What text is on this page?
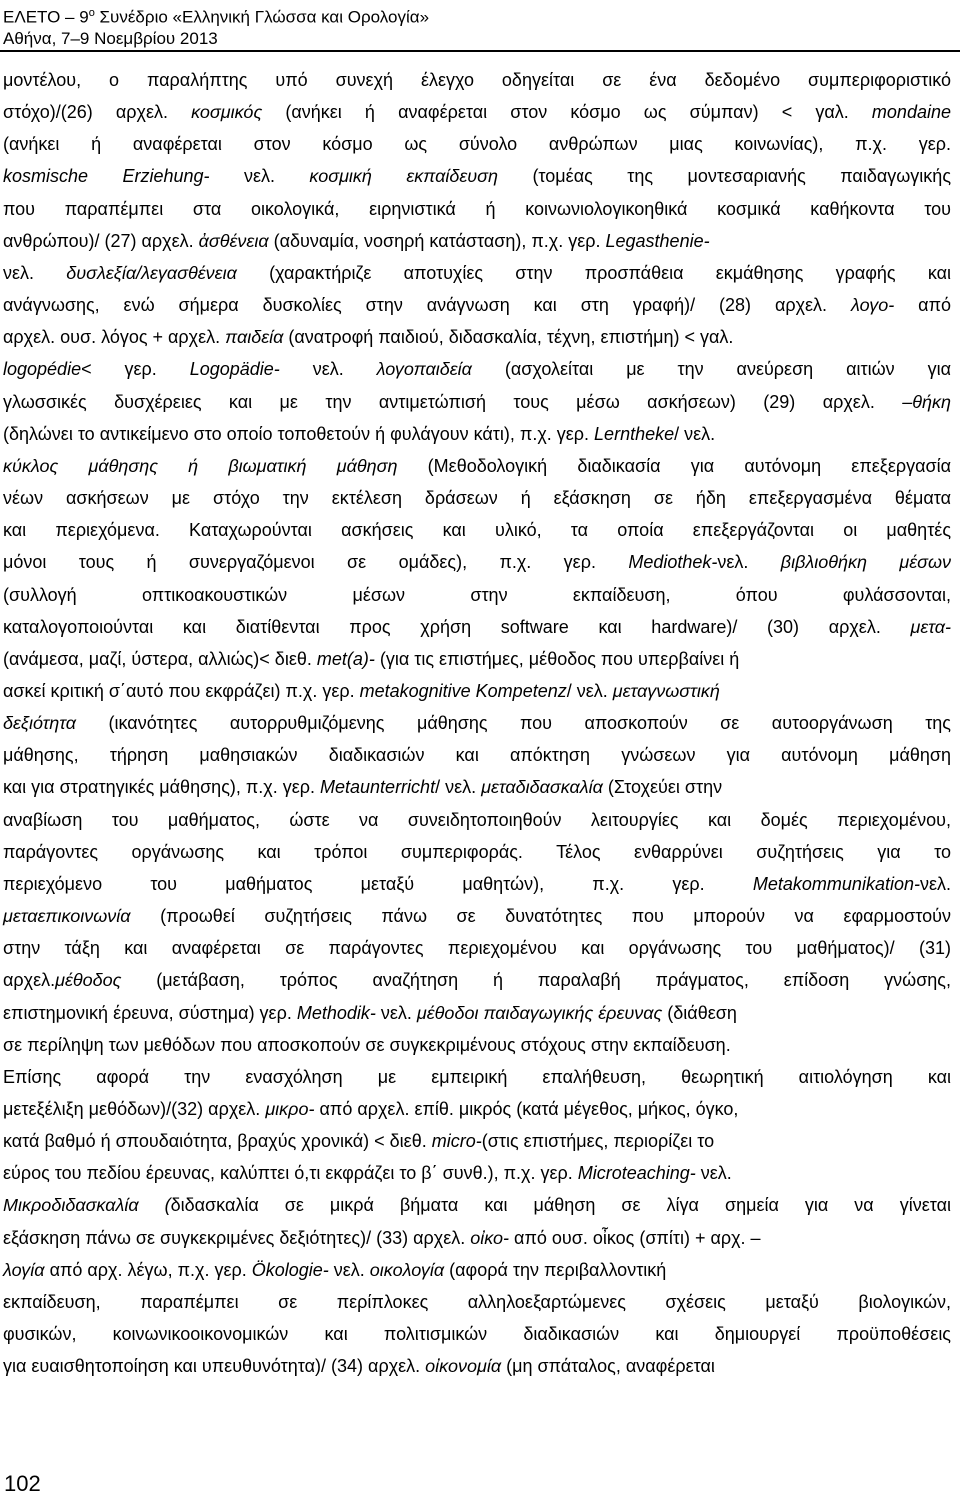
ΕΛΕΤΟ – $9^o$ Συνέδριο «Ελληνική Γλώσσα και Ορολογία»
Αθήνα, 7–9 Νοεμβρίου 2013
μοντέλου, ο παραλήπτης υπό συνεχή έλεγχο οδηγείται σε ένα δεδομένο συμπεριφοριστικό
στόχο)/(26) αρχελ. κοσμικός (ανήκει ή αναφέρεται στον κόσμο ως σύμπαν) < γαλ. mondaine
(ανήκει ή αναφέρεται στον κόσμο ως σύνολο ανθρώπων μιας κοινωνίας), π.χ. γερ.
kosmische Erziehung- νελ. κοσμική εκπαίδευση (τομέας της μοντεσαριανής παιδαγωγικής
που παραπέμπει στα οικολογικά, ειρηνιστικά ή κοινωνιολογικοηθικά κοσμικά καθήκοντα του
ανθρώπου)/ (27) αρχελ. ἀσθένεια (αδυναμία, νοσηρή κατάσταση), π.χ. γερ. Legasthenie-
νελ. δυσλεξία/λεγασθένεια (χαρακτήριζε αποτυχίες στην προσπάθεια εκμάθησης γραφής και
ανάγνωσης, ενώ σήμερα δυσκολίες στην ανάγνωση και στη γραφή)/ (28) αρχελ. λογο- από
αρχελ. ουσ. λόγος + αρχελ. παιδεία (ανατροφή παιδιού, διδασκαλία, τέχνη, επιστήμη) < γαλ.
logopédie< γερ. Logopädie- νελ. λογοπαιδεία (ασχολείται με την ανεύρεση αιτιών για
γλωσσικές δυσχέρειες και με την αντιμετώπισή τους μέσω ασκήσεων) (29) αρχελ. –θήκη
(δηλώνει το αντικείμενο στο οποίο τοποθετούν ή φυλάγουν κάτι), π.χ. γερ. Lerntheke/ νελ.
κύκλος μάθησης ή βιωματική μάθηση (Μεθοδολογική διαδικασία για αυτόνομη επεξεργασία
νέων ασκήσεων με στόχο την εκτέλεση δράσεων ή εξάσκηση σε ήδη επεξεργασμένα θέματα
και περιεχόμενα. Καταχωρούνται ασκήσεις και υλικό, τα οποία επεξεργάζονται οι μαθητές
μόνοι τους ή συνεργαζόμενοι σε ομάδες), π.χ. γερ. Mediothek-νελ. βιβλιοθήκη μέσων
(συλλογή οπτικοακουστικών μέσων στην εκπαίδευση, όπου φυλάσσονται,
καταλογοποιούνται και διατίθενται προς χρήση software και hardware)/ (30) αρχελ. μετα-
(ανάμεσα, μαζί, ύστερα, αλλιώς)< διεθ. met(a)- (για τις επιστήμες, μέθοδος που υπερβαίνει ή
ασκεί κριτική σ΄αυτό που εκφράζει) π.χ. γερ. metakognitive Kompetenz/ νελ. μεταγνωστική
δεξιότητα (ικανότητες αυτορρυθμιζόμενης μάθησης που αποσκοπούν σε αυτοοργάνωση της
μάθησης, τήρηση μαθησιακών διαδικασιών και απόκτηση γνώσεων για αυτόνομη μάθηση
και για στρατηγικές μάθησης), π.χ. γερ. Metaunterricht/ νελ. μεταδιδασκαλία (Στοχεύει στην
αναβίωση του μαθήματος, ώστε να συνειδητοποιηθούν λειτουργίες και δομές περιεχομένου,
παράγοντες οργάνωσης και τρόποι συμπεριφοράς. Τέλος ενθαρρύνει συζητήσεις για το
περιεχόμενο του μαθήματος μεταξύ μαθητών), π.χ. γερ. Metakommunikation-νελ.
μεταεπικοινωνία (προωθεί συζητήσεις πάνω σε δυνατότητες που μπορούν να εφαρμοστούν
στην τάξη και αναφέρεται σε παράγοντες περιεχομένου και οργάνωσης του μαθήματος)/ (31)
αρχελ.μέθοδος (μετάβαση, τρόπος αναζήτηση ή παραλαβή πράγματος, επίδοση γνώσης,
επιστημονική έρευνα, σύστημα) γερ. Methodik- νελ. μέθοδοι παιδαγωγικής έρευνας (διάθεση
σε περίληψη των μεθόδων που αποσκοπούν σε συγκεκριμένους στόχους στην εκπαίδευση.
Επίσης αφορά την ενασχόληση με εμπειρική επαλήθευση, θεωρητική αιτιολόγηση και
μετεξέλιξη μεθόδων)/(32) αρχελ. μικρο- από αρχελ. επίθ. μικρός (κατά μέγεθος, μήκος, όγκο,
κατά βαθμό ή σπουδαιότητα, βραχύς χρονικά) < διεθ. micro-(στις επιστήμες, περιορίζει το
εύρος του πεδίου έρευνας, καλύπτει ό,τι εκφράζει το β΄ συνθ.), π.χ. γερ. Microteaching- νελ.
Μικροδιδασκαλία (διδασκαλία σε μικρά βήματα και μάθηση σε λίγα σημεία για να γίνεται
εξάσκηση πάνω σε συγκεκριμένες δεξιότητες)/ (33) αρχελ. οἰκο- από ουσ. οἶκος (σπίτι) + αρχ. –
λογία από αρχ. λέγω, π.χ. γερ. Ökologie- νελ. οικολογία (αφορά την περιβαλλοντική
εκπαίδευση, παραπέμπει σε περίπλοκες αλληλοεξαρτώμενες σχέσεις μεταξύ βιολογικών,
φυσικών, κοινωνικοοικονομικών και πολιτισμικών διαδικασιών και δημιουργεί προϋποθέσεις
για ευαισθητοποίηση και υπευθυνότητα)/ (34) αρχελ. οἰκονομία (μη σπάταλος, αναφέρεται
102
